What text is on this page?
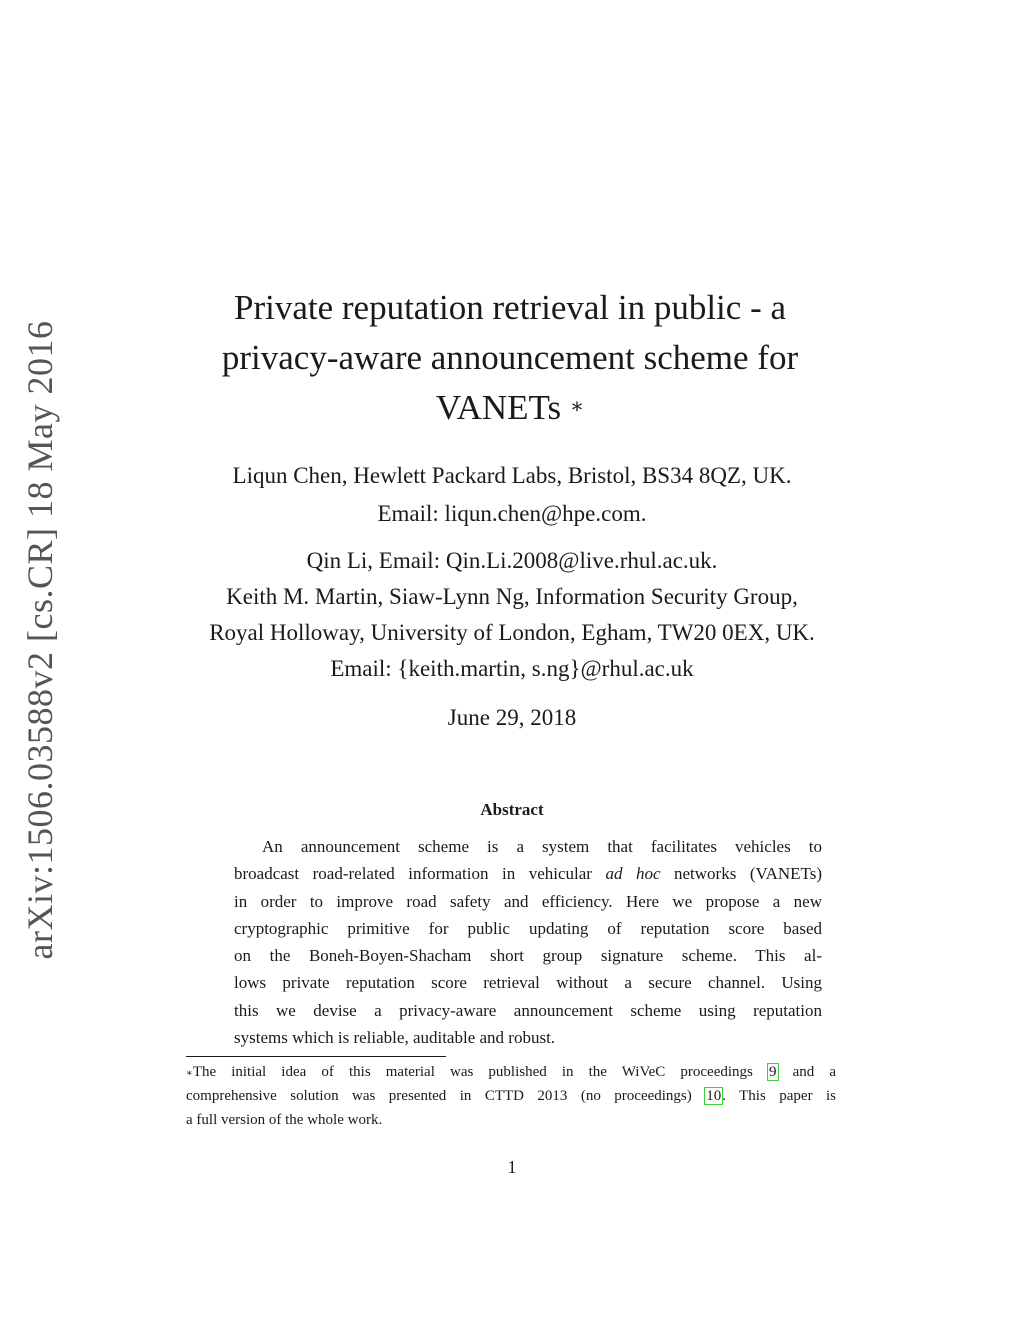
arXiv:1506.03588v2 [cs.CR] 18 May 2016
Private reputation retrieval in public - a
privacy-aware announcement scheme for
VANETs ∗
Liqun Chen, Hewlett Packard Labs, Bristol, BS34 8QZ, UK.
Email: liqun.chen@hpe.com.
Qin Li, Email: Qin.Li.2008@live.rhul.ac.uk.
Keith M. Martin, Siaw-Lynn Ng, Information Security Group,
Royal Holloway, University of London, Egham, TW20 0EX, UK.
Email: {keith.martin, s.ng}@rhul.ac.uk
June 29, 2018
Abstract
An announcement scheme is a system that facilitates vehicles to
broadcast road-related information in vehicular ad hoc networks (VANETs)
in order to improve road safety and efficiency. Here we propose a new
cryptographic primitive for public updating of reputation score based
on the Boneh-Boyen-Shacham short group signature scheme. This al-
lows private reputation score retrieval without a secure channel. Using
this we devise a privacy-aware announcement scheme using reputation
systems which is reliable, auditable and robust.
∗The initial idea of this material was published in the WiVeC proceedings 9 and a
comprehensive solution was presented in CTTD 2013 (no proceedings) 10. This paper is
a full version of the whole work.
1
